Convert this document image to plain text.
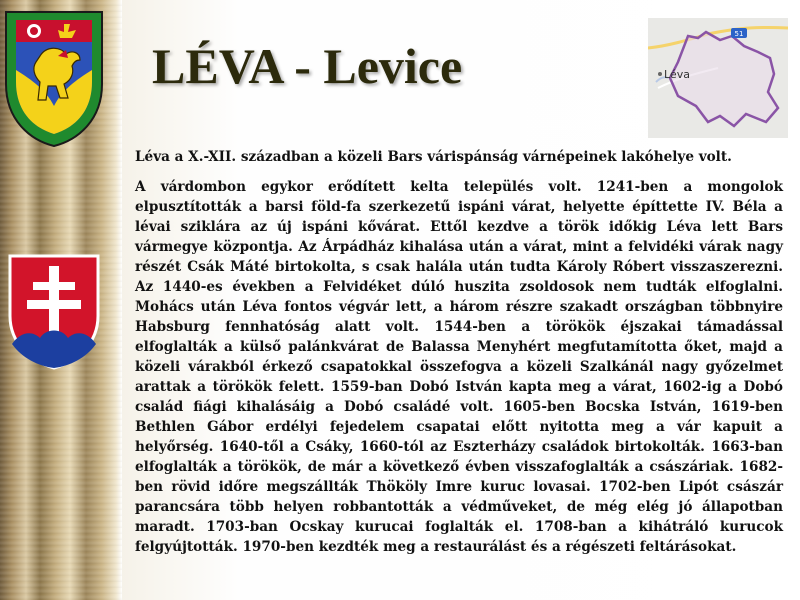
LÉVA - Levice
51
Léva

Léva a X.-XII. században a közeli Bars várispánság várnépeinek lakóhelye volt.

A várdombon egykor erődített kelta település volt. 1241-ben a mongolok elpusztították a barsi föld-fa szerkezetű ispáni várat, helyette építtette IV. Béla a lévai sziklára az új ispáni kővárat. Ettől kezdve a török időkig Léva lett Bars vármegye központja. Az Árpádház kihalása után a várat, mint a felvidéki várak nagy részét Csák Máté birtokolta, s csak halála után tudta Károly Róbert visszaszerezni. Az 1440-es években a Felvidéket dúló huszita zsoldosok nem tudták elfoglalni. Mohács után Léva fontos végvár lett, a három részre szakadt országban többnyire Habsburg fennhatóság alatt volt. 1544-ben a törökök éjszakai támadással elfoglalták a külső palánkvárat de Balassa Menyhért megfutamította őket, majd a közeli várakból érkező csapatokkal összefogva a közeli Szalkánál nagy győzelmet arattak a törökök felett. 1559-ban Dobó István kapta meg a várat, 1602-ig a Dobó család fiági kihalásáig a Dobó családé volt. 1605-ben Bocska István, 1619-ben Bethlen Gábor erdélyi fejedelem csapatai előtt nyitotta meg a vár kapuit a helyőrség. 1640-től a Csáky, 1660-tól az Eszterházy családok birtokolták. 1663-ban elfoglalták a törökök, de már a következő évben visszafoglalták a császáriak. 1682-ben rövid időre megszállták Thököly Imre kuruc lovasai. 1702-ben Lipót császár parancsára több helyen robbantották a védműveket, de még elég jó állapotban maradt. 1703-ban Ocskay kurucai foglalták el. 1708-ban a kihátráló kurucok felgyújtották. 1970-ben kezdték meg a restaurálást és a régészeti feltárásokat.
